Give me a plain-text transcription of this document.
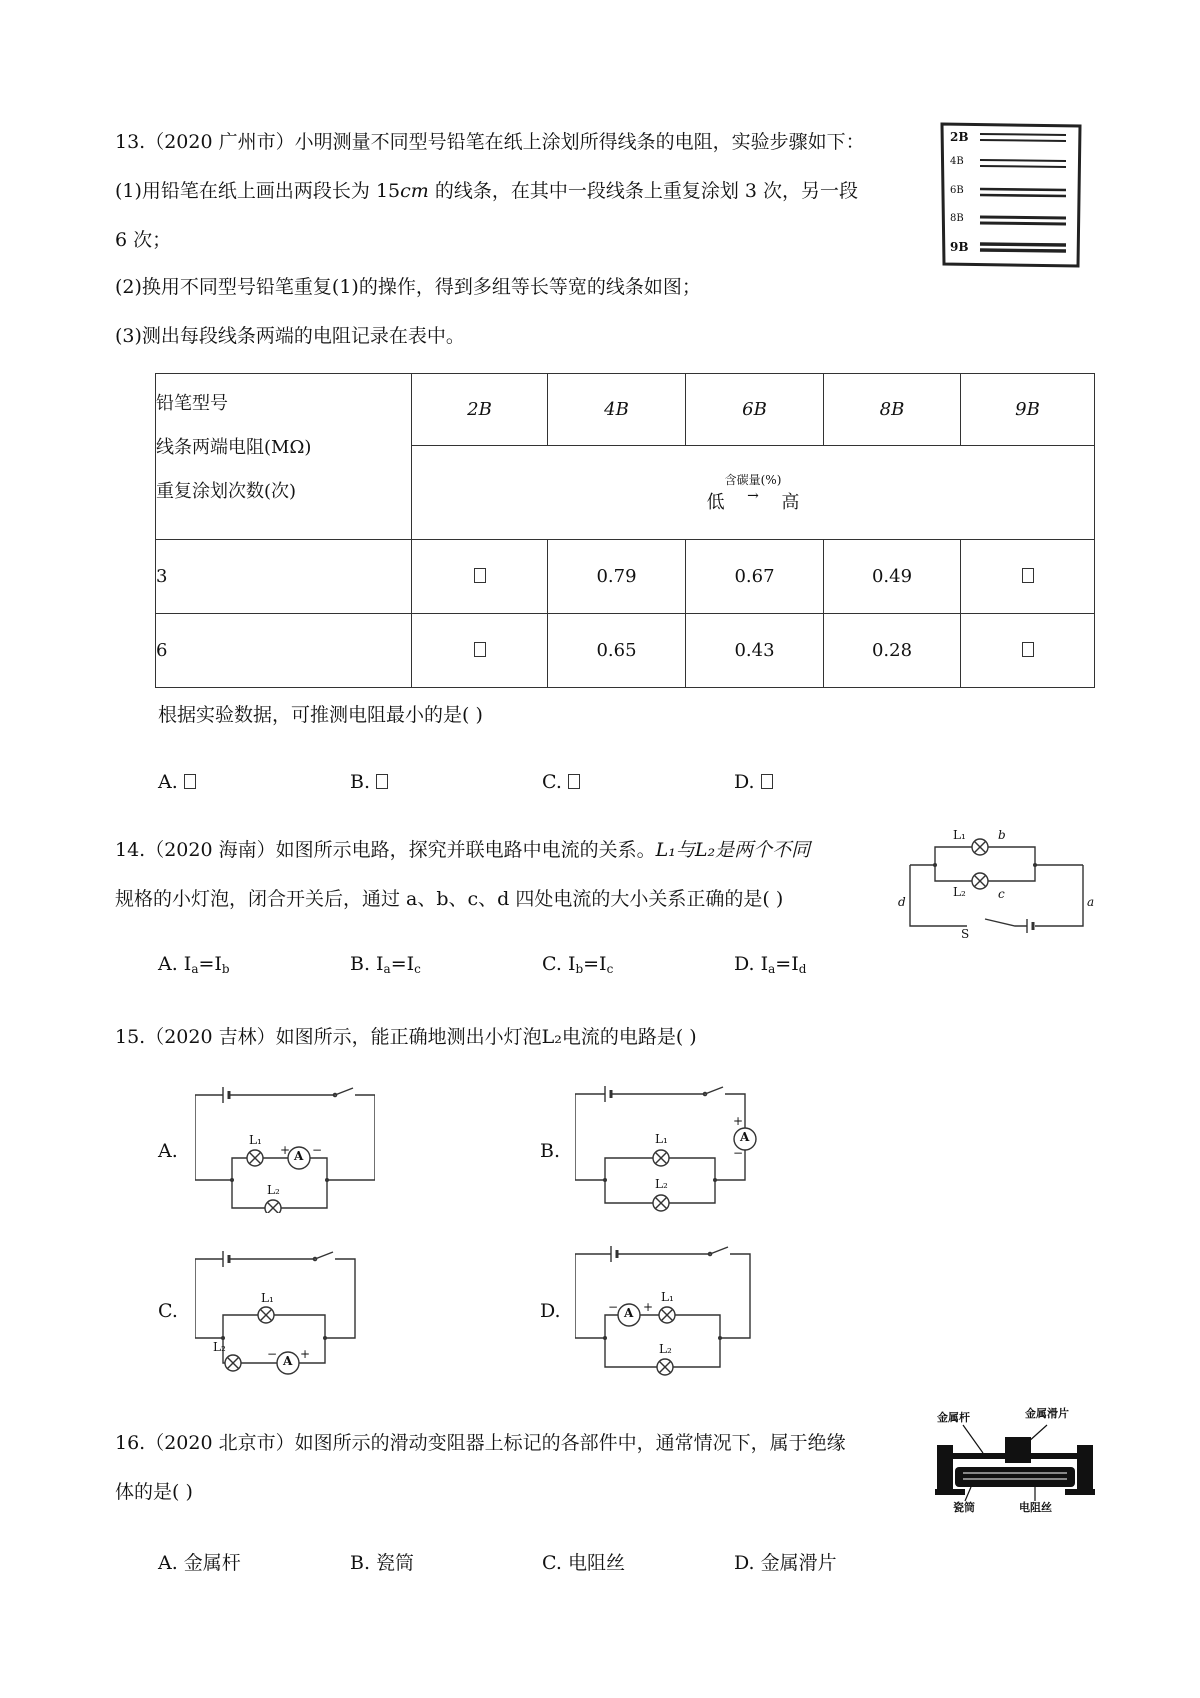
13.（2020 广州市）小明测量不同型号铅笔在纸上涂划所得线条的电阻，实验步骤如下：
(1)用铅笔在纸上画出两段长为 15cm 的线条，在其中一段线条上重复涂划 3 次，另一段
6 次；
(2)换用不同型号铅笔重复(1)的操作，得到多组等长等宽的线条如图；
(3)测出每段线条两端的电阻记录在表中。
2B
4B
6B
8B
9B
铅笔型号
线条两端电阻(MΩ)
重复涂划次数(次)	2B	4B	6B	8B	9B
	低
含碳量(%)
→ 高				
3		0.79	0.67	0.49	
6		0.65	0.43	0.28	
根据实验数据，可推测电阻最小的是( )
A.	B.	C.	D.
14.（2020 海南）如图所示电路，探究并联电路中电流的关系。L₁与L₂是两个不同
规格的小灯泡，闭合开关后，通过 a、b、c、d 四处电流的大小关系正确的是( )
L₁
L₂
b
c
d	a
S
A. $I_a=I_b$	B. $I_a=I_c$	C. $I_b=I_c$	D. $I_a=I_d$
15.（2020 吉林）如图所示，能正确地测出小灯泡L₂电流的电路是( )
A.	B.
C.	D.
L₁
L₂
A
+ −
L₁
L₂
A
+
−
L₁
L₂
A
− +
L₁
L₂
A
− +
16.（2020 北京市）如图所示的滑动变阻器上标记的各部件中，通常情况下，属于绝缘
体的是( )
金属杆	金属滑片
瓷筒	电阻丝
A. 金属杆	B. 瓷筒	C. 电阻丝	D. 金属滑片
